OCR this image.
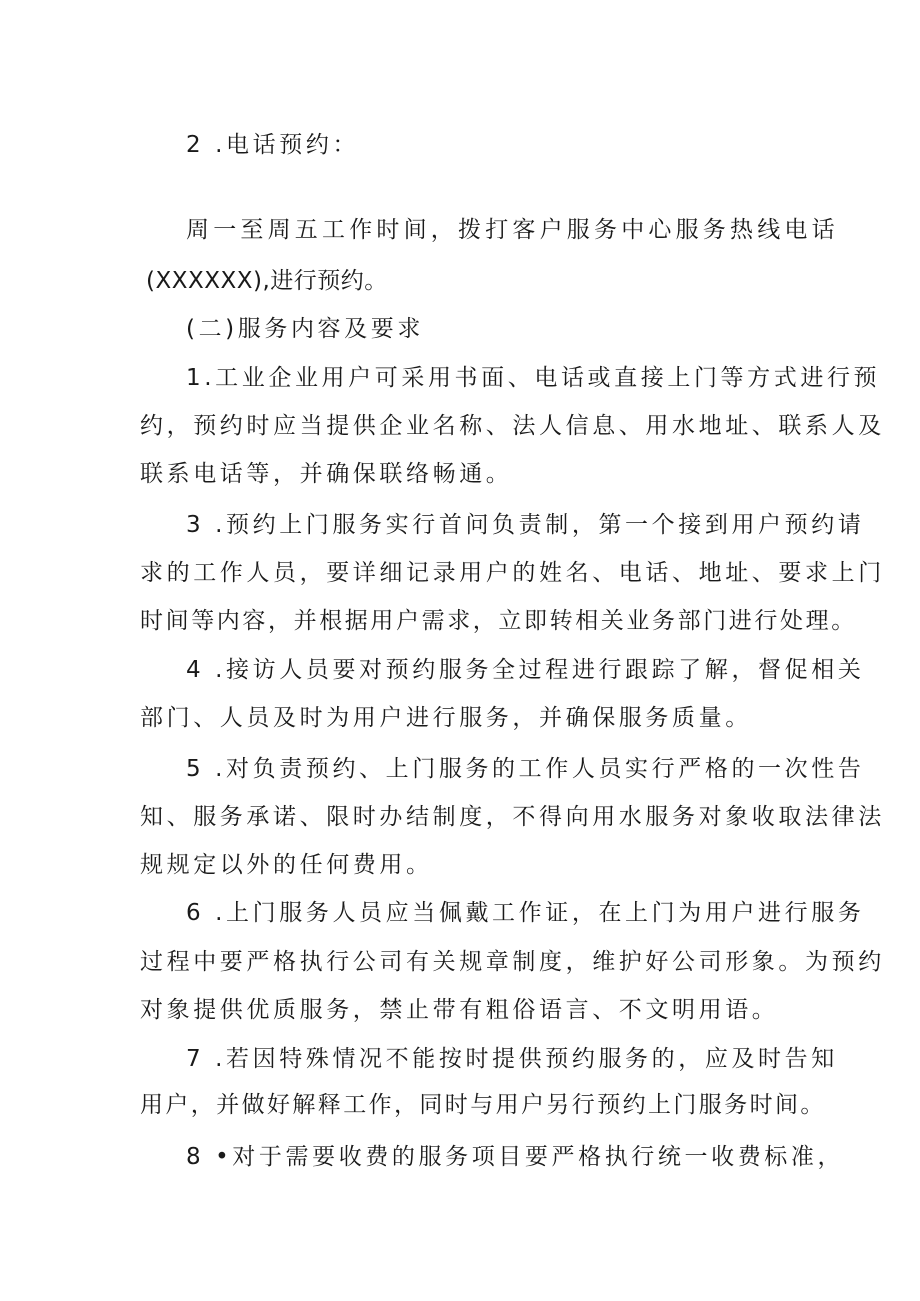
2 .电话预约：
周一至周五工作时间，拨打客户服务中心服务热线电话
(XXXXXX),进行预约。
(二)服务内容及要求
1.工业企业用户可采用书面、电话或直接上门等方式进行预
约，预约时应当提供企业名称、法人信息、用水地址、联系人及
联系电话等，并确保联络畅通。
3 .预约上门服务实行首问负责制，第一个接到用户预约请
求的工作人员，要详细记录用户的姓名、电话、地址、要求上门
时间等内容，并根据用户需求，立即转相关业务部门进行处理。
4 .接访人员要对预约服务全过程进行跟踪了解，督促相关
部门、人员及时为用户进行服务，并确保服务质量。
5 .对负责预约、上门服务的工作人员实行严格的一次性告
知、服务承诺、限时办结制度，不得向用水服务对象收取法律法
规规定以外的任何费用。
6 .上门服务人员应当佩戴工作证，在上门为用户进行服务
过程中要严格执行公司有关规章制度，维护好公司形象。为预约
对象提供优质服务，禁止带有粗俗语言、不文明用语。
7 .若因特殊情况不能按时提供预约服务的，应及时告知
用户，并做好解释工作，同时与用户另行预约上门服务时间。
8 •对于需要收费的服务项目要严格执行统一收费标准，
